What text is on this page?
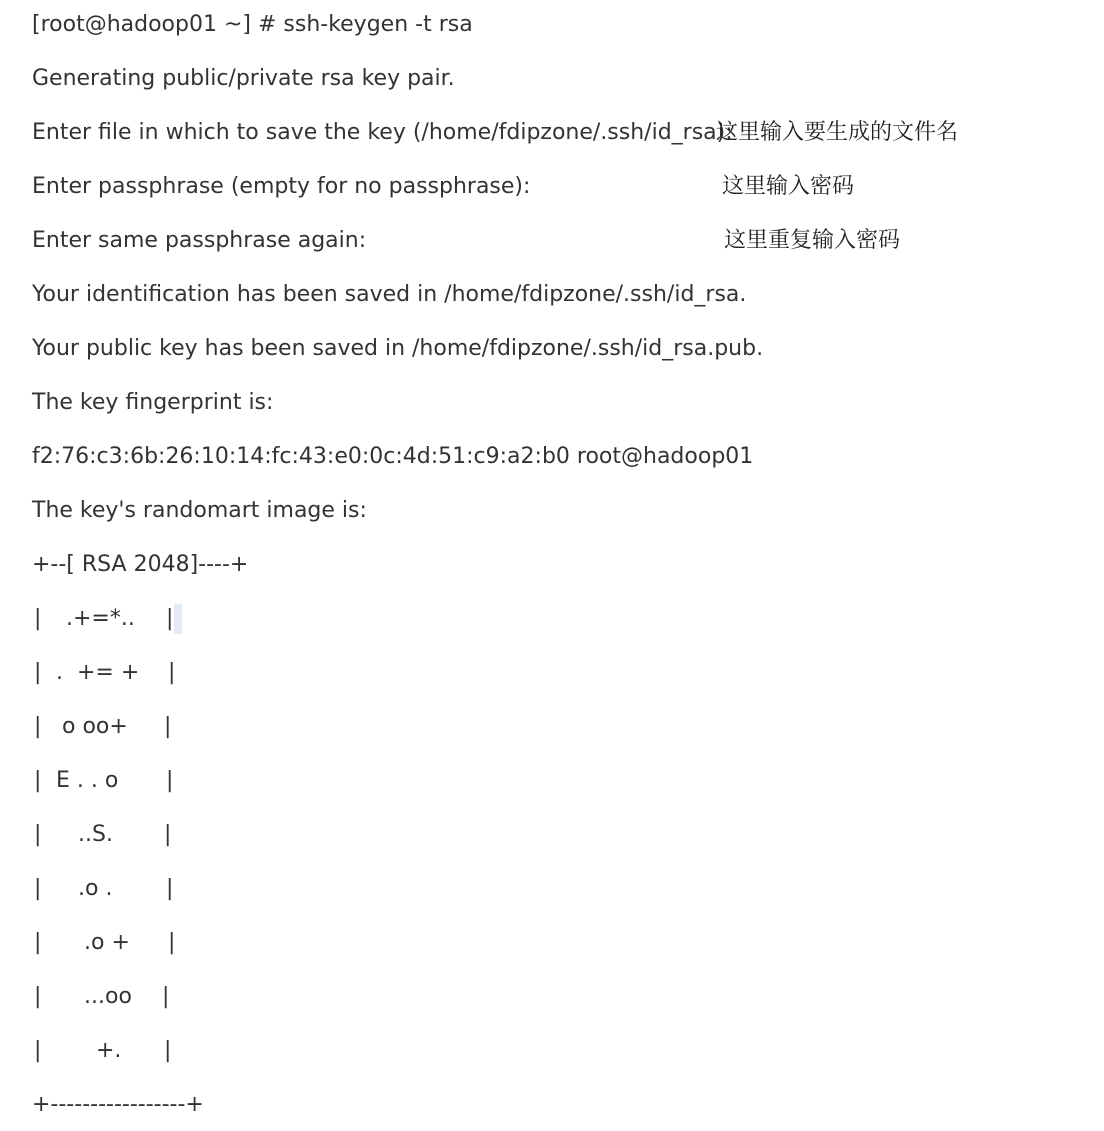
[root@hadoop01 ~] # ssh-keygen -t rsa
Generating public/private rsa key pair.
Enter file in which to save the key (/home/fdipzone/.ssh/id_rsa):
这里输入要生成的文件名
Enter passphrase (empty for no passphrase):	这里输入密码
Enter same passphrase again:	这里重复输入密码
Your identification has been saved in /home/fdipzone/.ssh/id_rsa.
Your public key has been saved in /home/fdipzone/.ssh/id_rsa.pub.
The key fingerprint is:
f2:76:c3:6b:26:10:14:fc:43:e0:0c:4d:51:c9:a2:b0 root@hadoop01
The key's randomart image is:
+--[ RSA 2048]----+
| .+=*.. |
| .  += + |
| o oo+ |
| E . . o |
| ..S. |
| .o . |
| .o + |
| ...oo |
| +. |
+-----------------+
